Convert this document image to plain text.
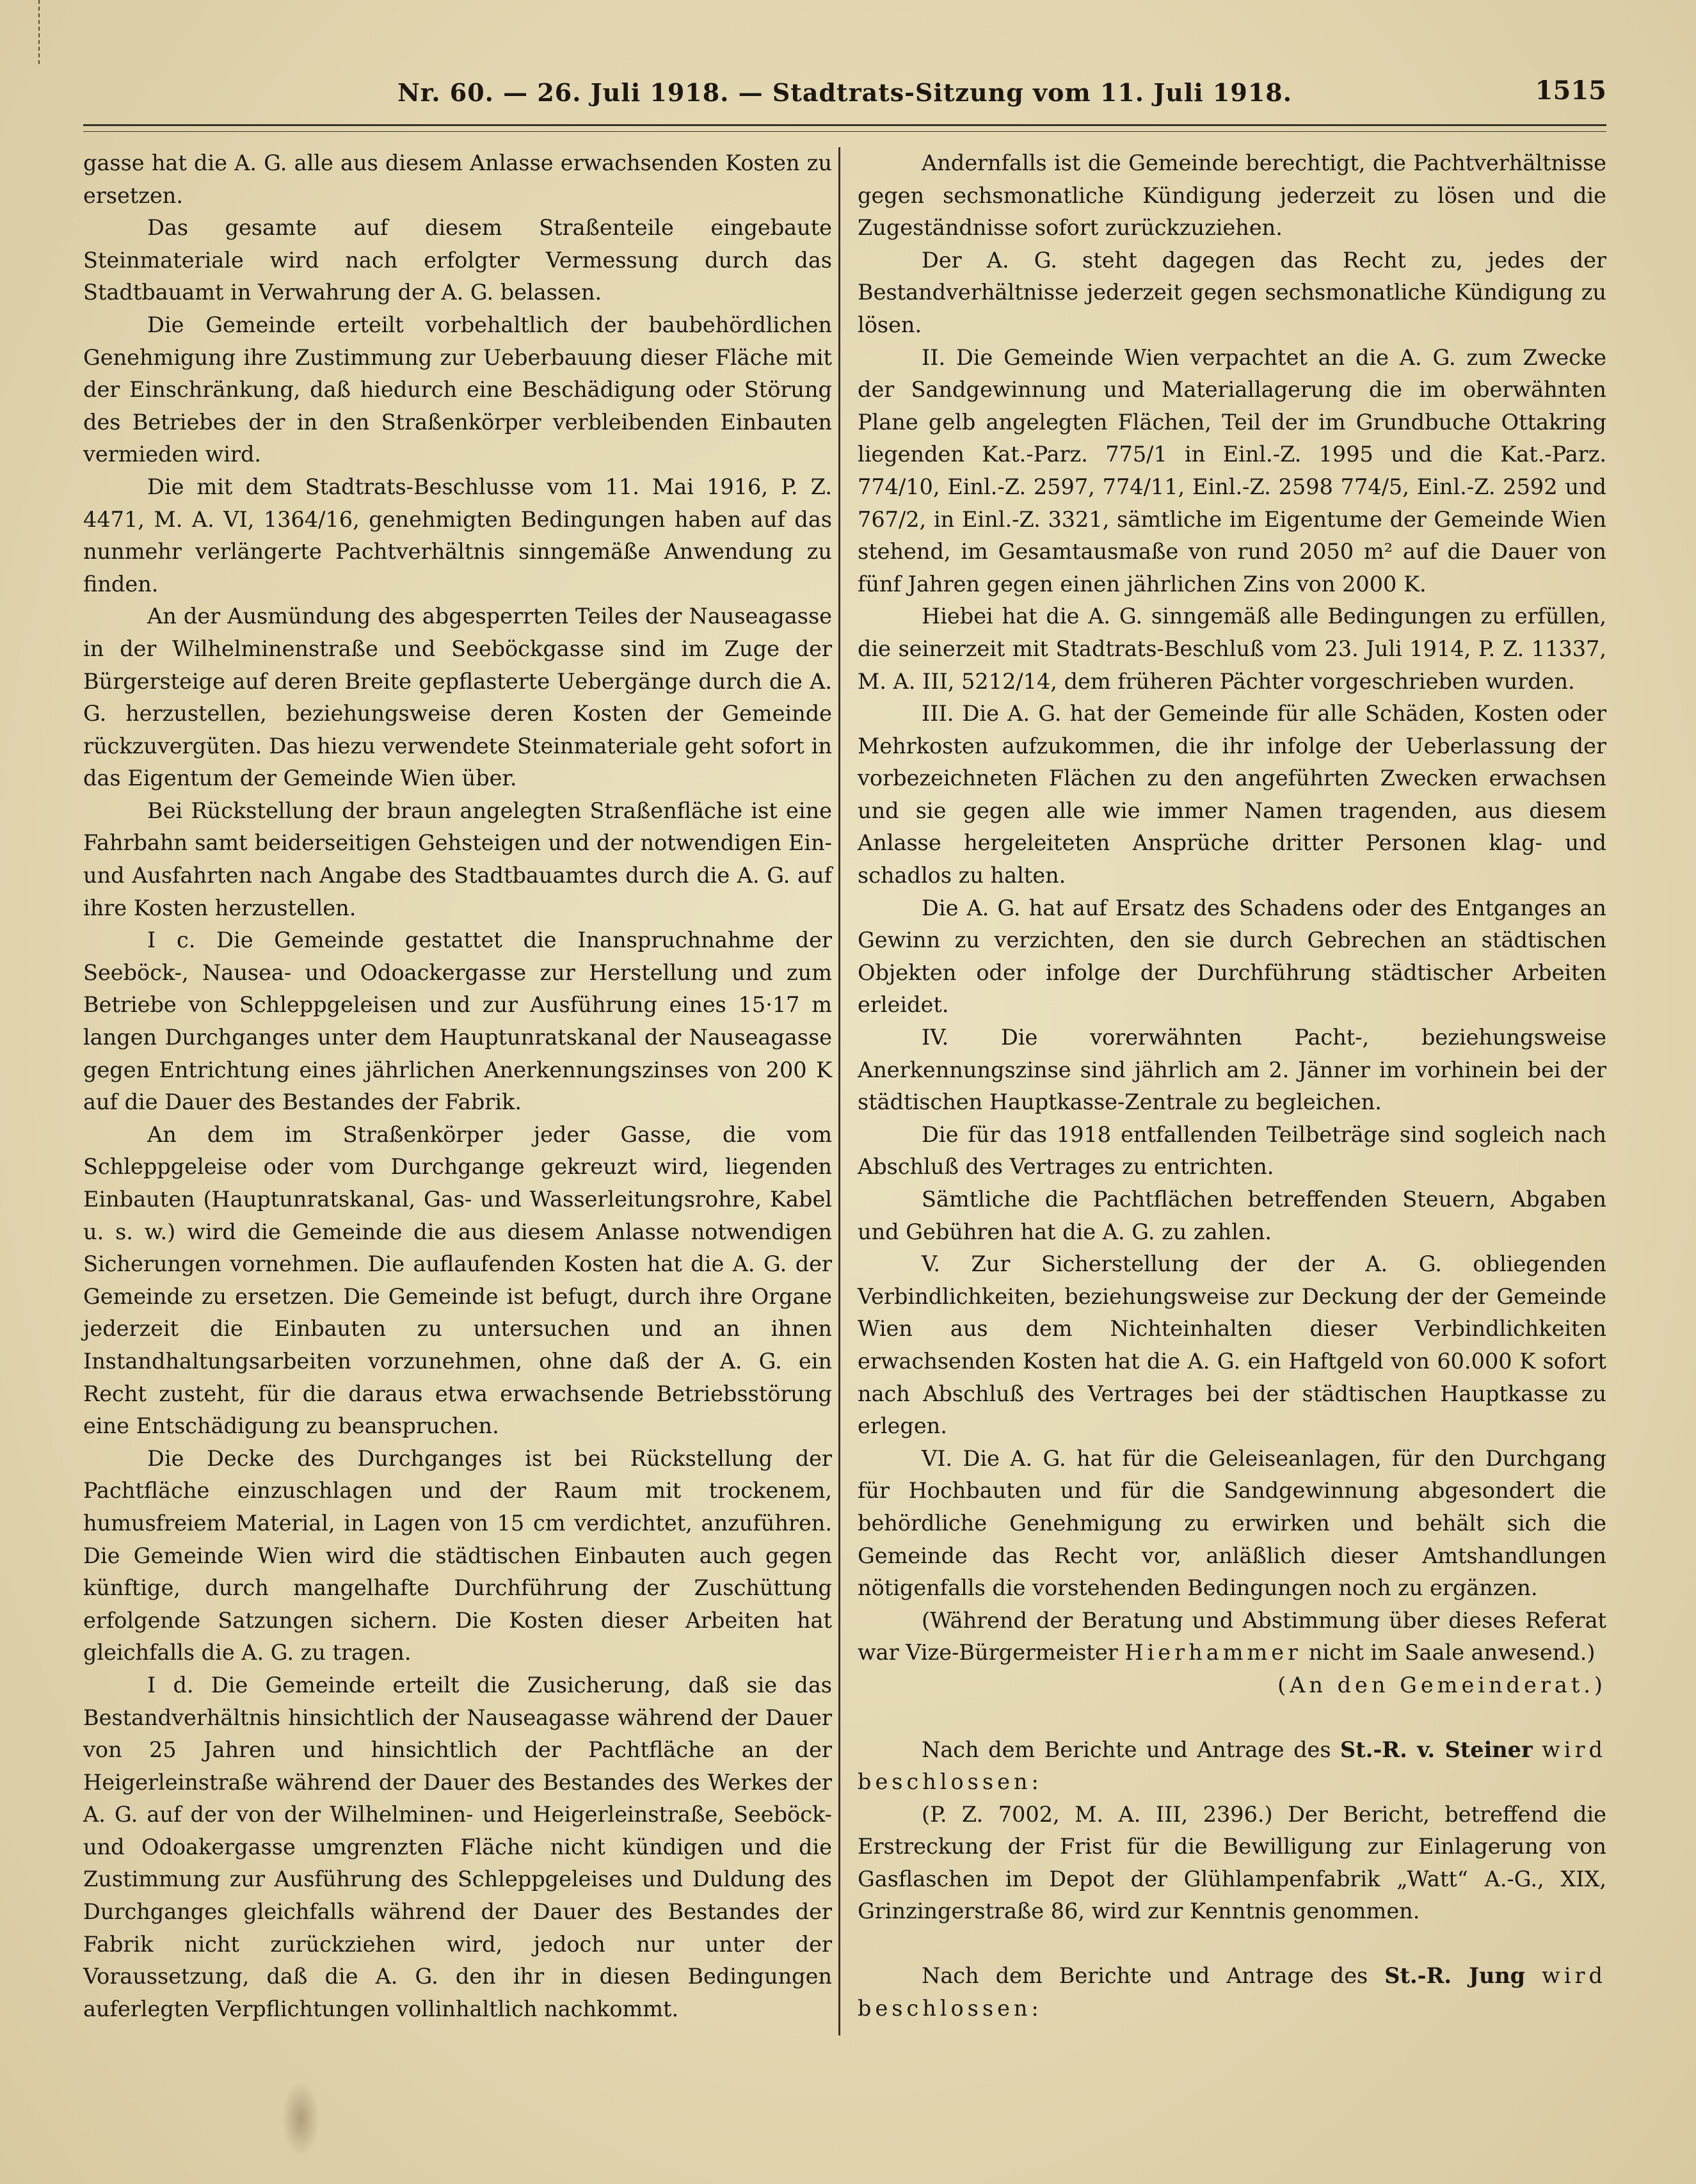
Nr. 60. — 26. Juli 1918. — Stadtrats-Sitzung vom 11. Juli 1918.	1515

gasse hat die A. G. alle aus diesem Anlasse erwachsenden Kosten zu ersetzen.

Das gesamte auf diesem Straßenteile eingebaute Steinmateriale wird nach erfolgter Vermessung durch das Stadtbauamt in Verwahrung der A. G. belassen.

Die Gemeinde erteilt vorbehaltlich der baubehördlichen Genehmigung ihre Zustimmung zur Ueberbauung dieser Fläche mit der Einschränkung, daß hiedurch eine Beschädigung oder Störung des Betriebes der in den Straßenkörper verbleibenden Einbauten vermieden wird.

Die mit dem Stadtrats-Beschlusse vom 11. Mai 1916, P. Z. 4471, M. A. VI, 1364/16, genehmigten Bedingungen haben auf das nunmehr verlängerte Pachtverhältnis sinngemäße Anwendung zu finden.

An der Ausmündung des abgesperrten Teiles der Nauseagasse in der Wilhelminenstraße und Seeböckgasse sind im Zuge der Bürgersteige auf deren Breite gepflasterte Uebergänge durch die A. G. herzustellen, beziehungsweise deren Kosten der Gemeinde rückzuvergüten. Das hiezu verwendete Steinmateriale geht sofort in das Eigentum der Gemeinde Wien über.

Bei Rückstellung der braun angelegten Straßenfläche ist eine Fahrbahn samt beiderseitigen Gehsteigen und der notwendigen Ein- und Ausfahrten nach Angabe des Stadtbauamtes durch die A. G. auf ihre Kosten herzustellen.

I c. Die Gemeinde gestattet die Inanspruchnahme der Seeböck-, Nausea- und Odoackergasse zur Herstellung und zum Betriebe von Schleppgeleisen und zur Ausführung eines 15·17 m langen Durchganges unter dem Hauptunratskanal der Nauseagasse gegen Entrichtung eines jährlichen Anerkennungszinses von 200 K auf die Dauer des Bestandes der Fabrik.

An dem im Straßenkörper jeder Gasse, die vom Schleppgeleise oder vom Durchgange gekreuzt wird, liegenden Einbauten (Hauptunratskanal, Gas- und Wasserleitungsrohre, Kabel u. s. w.) wird die Gemeinde die aus diesem Anlasse notwendigen Sicherungen vornehmen. Die auflaufenden Kosten hat die A. G. der Gemeinde zu ersetzen. Die Gemeinde ist befugt, durch ihre Organe jederzeit die Einbauten zu untersuchen und an ihnen Instandhaltungsarbeiten vorzunehmen, ohne daß der A. G. ein Recht zusteht, für die daraus etwa erwachsende Betriebsstörung eine Entschädigung zu beanspruchen.

Die Decke des Durchganges ist bei Rückstellung der Pachtfläche einzuschlagen und der Raum mit trockenem, humusfreiem Material, in Lagen von 15 cm verdichtet, anzuführen. Die Gemeinde Wien wird die städtischen Einbauten auch gegen künftige, durch mangelhafte Durchführung der Zuschüttung erfolgende Satzungen sichern. Die Kosten dieser Arbeiten hat gleichfalls die A. G. zu tragen.

I d. Die Gemeinde erteilt die Zusicherung, daß sie das Bestandverhältnis hinsichtlich der Nauseagasse während der Dauer von 25 Jahren und hinsichtlich der Pachtfläche an der Heigerleinstraße während der Dauer des Bestandes des Werkes der A. G. auf der von der Wilhelminen- und Heigerleinstraße, Seeböck- und Odoakergasse umgrenzten Fläche nicht kündigen und die Zustimmung zur Ausführung des Schleppgeleises und Duldung des Durchganges gleichfalls während der Dauer des Bestandes der Fabrik nicht zurückziehen wird, jedoch nur unter der Voraussetzung, daß die A. G. den ihr in diesen Bedingungen auferlegten Verpflichtungen vollinhaltlich nachkommt.

Andernfalls ist die Gemeinde berechtigt, die Pachtverhältnisse gegen sechsmonatliche Kündigung jederzeit zu lösen und die Zugeständnisse sofort zurückzuziehen.

Der A. G. steht dagegen das Recht zu, jedes der Bestandverhältnisse jederzeit gegen sechsmonatliche Kündigung zu lösen.

II. Die Gemeinde Wien verpachtet an die A. G. zum Zwecke der Sandgewinnung und Materiallagerung die im oberwähnten Plane gelb angelegten Flächen, Teil der im Grundbuche Ottakring liegenden Kat.-Parz. 775/1 in Einl.-Z. 1995 und die Kat.-Parz. 774/10, Einl.-Z. 2597, 774/11, Einl.-Z. 2598 774/5, Einl.-Z. 2592 und 767/2, in Einl.-Z. 3321, sämtliche im Eigentume der Gemeinde Wien stehend, im Gesamtausmaße von rund 2050 m² auf die Dauer von fünf Jahren gegen einen jährlichen Zins von 2000 K.

Hiebei hat die A. G. sinngemäß alle Bedingungen zu erfüllen, die seinerzeit mit Stadtrats-Beschluß vom 23. Juli 1914, P. Z. 11337, M. A. III, 5212/14, dem früheren Pächter vorgeschrieben wurden.

III. Die A. G. hat der Gemeinde für alle Schäden, Kosten oder Mehrkosten aufzukommen, die ihr infolge der Ueberlassung der vorbezeichneten Flächen zu den angeführten Zwecken erwachsen und sie gegen alle wie immer Namen tragenden, aus diesem Anlasse hergeleiteten Ansprüche dritter Personen klag- und schadlos zu halten.

Die A. G. hat auf Ersatz des Schadens oder des Entganges an Gewinn zu verzichten, den sie durch Gebrechen an städtischen Objekten oder infolge der Durchführung städtischer Arbeiten erleidet.

IV. Die vorerwähnten Pacht-, beziehungsweise Anerkennungszinse sind jährlich am 2. Jänner im vorhinein bei der städtischen Hauptkasse-Zentrale zu begleichen.

Die für das 1918 entfallenden Teilbeträge sind sogleich nach Abschluß des Vertrages zu entrichten.

Sämtliche die Pachtflächen betreffenden Steuern, Abgaben und Gebühren hat die A. G. zu zahlen.

V. Zur Sicherstellung der der A. G. obliegenden Verbindlichkeiten, beziehungsweise zur Deckung der der Gemeinde Wien aus dem Nichteinhalten dieser Verbindlichkeiten erwachsenden Kosten hat die A. G. ein Haftgeld von 60.000 K sofort nach Abschluß des Vertrages bei der städtischen Hauptkasse zu erlegen.

VI. Die A. G. hat für die Geleiseanlagen, für den Durchgang für Hochbauten und für die Sandgewinnung abgesondert die behördliche Genehmigung zu erwirken und behält sich die Gemeinde das Recht vor, anläßlich dieser Amtshandlungen nötigenfalls die vorstehenden Bedingungen noch zu ergänzen.

(Während der Beratung und Abstimmung über dieses Referat war Vize-Bürgermeister Hierhammer nicht im Saale anwesend.)

(An den Gemeinderat.)

Nach dem Berichte und Antrage des St.-R. v. Steiner wird beschlossen:

(P. Z. 7002, M. A. III, 2396.) Der Bericht, betreffend die Erstreckung der Frist für die Bewilligung zur Einlagerung von Gasflaschen im Depot der Glühlampenfabrik „Watt“ A.-G., XIX, Grinzingerstraße 86, wird zur Kenntnis genommen.

Nach dem Berichte und Antrage des St.-R. Jung wird beschlossen:
